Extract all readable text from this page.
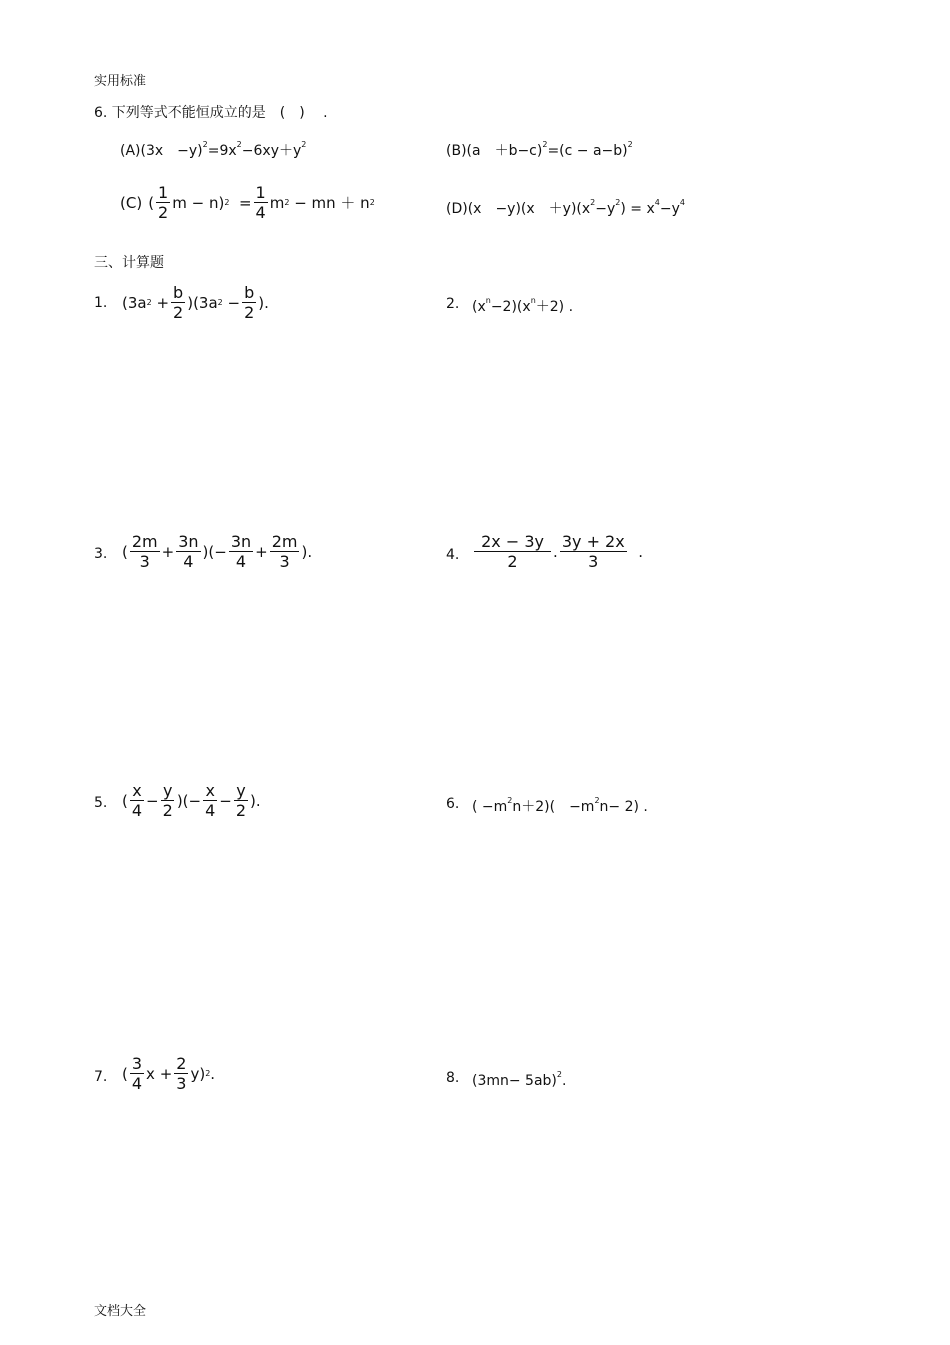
实用标准
6. 下列等式不能恒成立的是　(　)　 .
(A)(3x　$-y)^2=9x^2-6xy+y^2$	(B)(a　$+b-c)^2=(c - a-b)^2$
(C) ( $\frac{1}{2}$ m − n) $2 = \frac{1}{4}$ m 2 − mn ＋ n 2	(D)(x　−y)(x　$+y)(x^2-y^2) = x^4-y^4$
三、计算题
1. (3a $2 + \frac{b}{2} )(3a$ $2 - \frac{b}{2}$ ).	2. $(x^n-2)(x^n+2)$ .
3. ( $\frac{2m}{3} + \frac{3n}{4}$ )(− $\frac{3n}{4} + \frac{2m}{3}$ ).	4. $\frac{2x - 3y}{2}$ . $\frac{3y + 2x}{3}$ .
5. ( $\frac{x}{4} - \frac{y}{2}$ )(− $\frac{x}{4} - \frac{y}{2}$ ).	6. ( $-m^2n+2$)(　$-m^2n- 2$) .
7. ( $\frac{3}{4}$ $x + \frac{2}{3} y$) 2 .	8. $(3mn- 5ab)^2$.
文档大全
